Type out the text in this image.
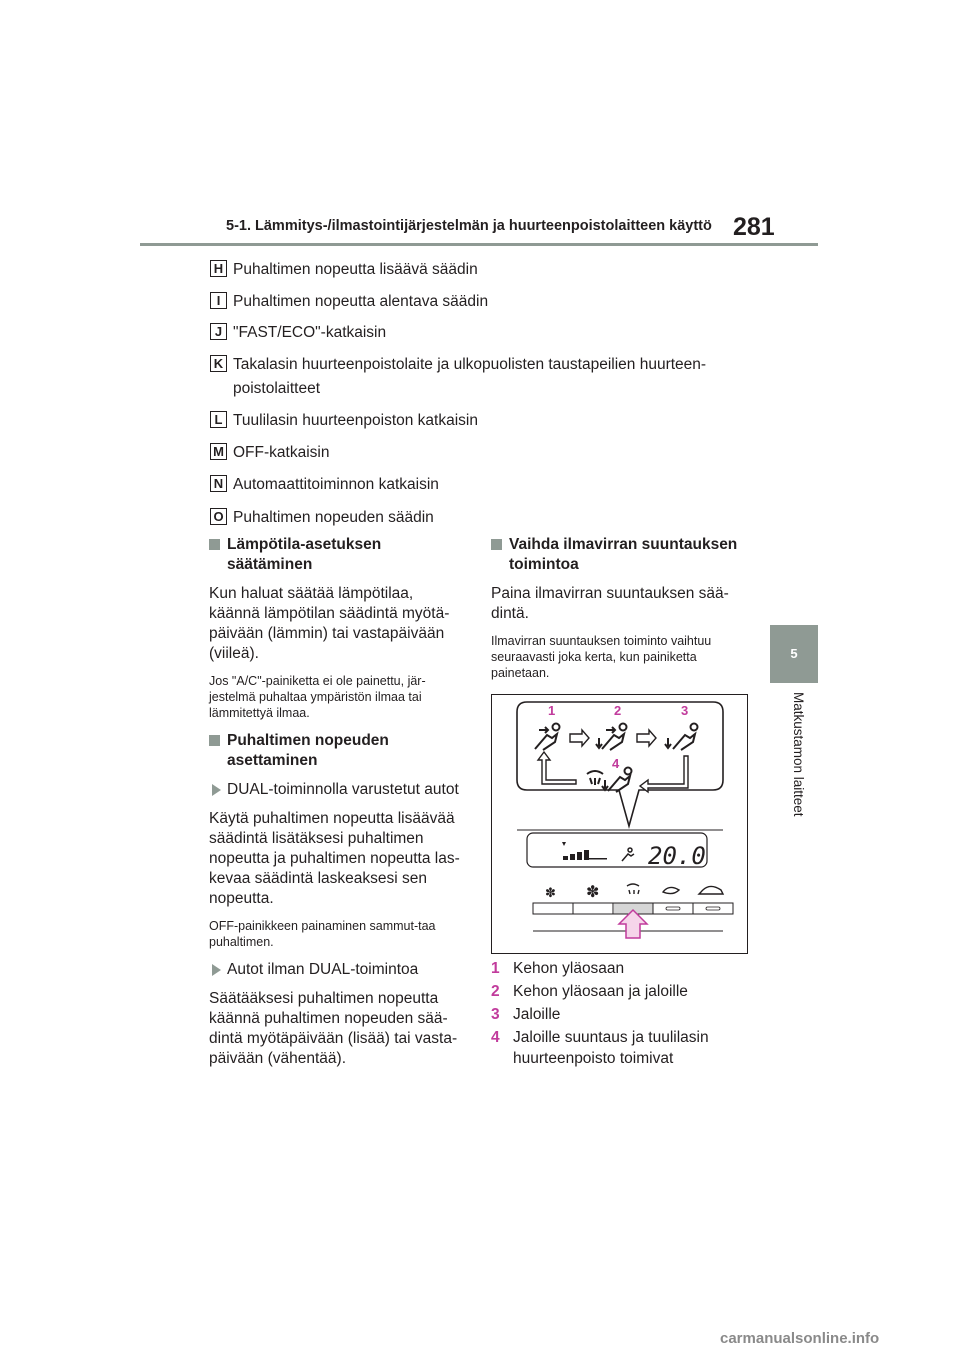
5-1. Lämmitys-/ilmastointijärjestelmän ja huurteenpoistolaitteen käyttö 281
5
Matkustamon laitteet
H Puhaltimen nopeutta lisäävä säädin
I Puhaltimen nopeutta alentava säädin
J "FAST/ECO"-katkaisin
K Takalasin huurteenpoistolaite ja ulkopuolisten taustapeilien huurteen-
poistolaitteet
L Tuulilasin huurteenpoiston katkaisin
M OFF-katkaisin
N Automaattitoiminnon katkaisin
O Puhaltimen nopeuden säädin
Lämpötila-asetuksen säätäminen
Kun haluat säätää lämpötilaa, käännä lämpötilan säädintä myötä-päivään (lämmin) tai vastapäivään (viileä).
Jos "A/C"-painiketta ei ole painettu, jär-jestelmä puhaltaa ympäristön ilmaa tai lämmitettyä ilmaa.
Puhaltimen nopeuden asettaminen
DUAL-toiminnolla varustetut autot
Käytä puhaltimen nopeutta lisäävää säädintä lisätäksesi puhaltimen nopeutta ja puhaltimen nopeutta las-kevaa säädintä laskeaksesi sen nopeutta.
OFF-painikkeen painaminen sammut-taa puhaltimen.
Autot ilman DUAL-toimintoa
Säätääksesi puhaltimen nopeutta käännä puhaltimen nopeuden sää-dintä myötäpäivään (lisää) tai vasta-päivään (vähentää).
Vaihda ilmavirran suuntauksen toimintoa
Paina ilmavirran suuntauksen sää-dintä.
Ilmavirran suuntauksen toiminto vaihtuu seuraavasti joka kerta, kun painiketta painetaan.
1	2	3
4
20.0
✽ ✽
1 Kehon yläosaan
2 Kehon yläosaan ja jaloille
3 Jaloille
4 Jaloille suuntaus ja tuulilasin
huurteenpoisto toimivat
carmanualsonline.info
